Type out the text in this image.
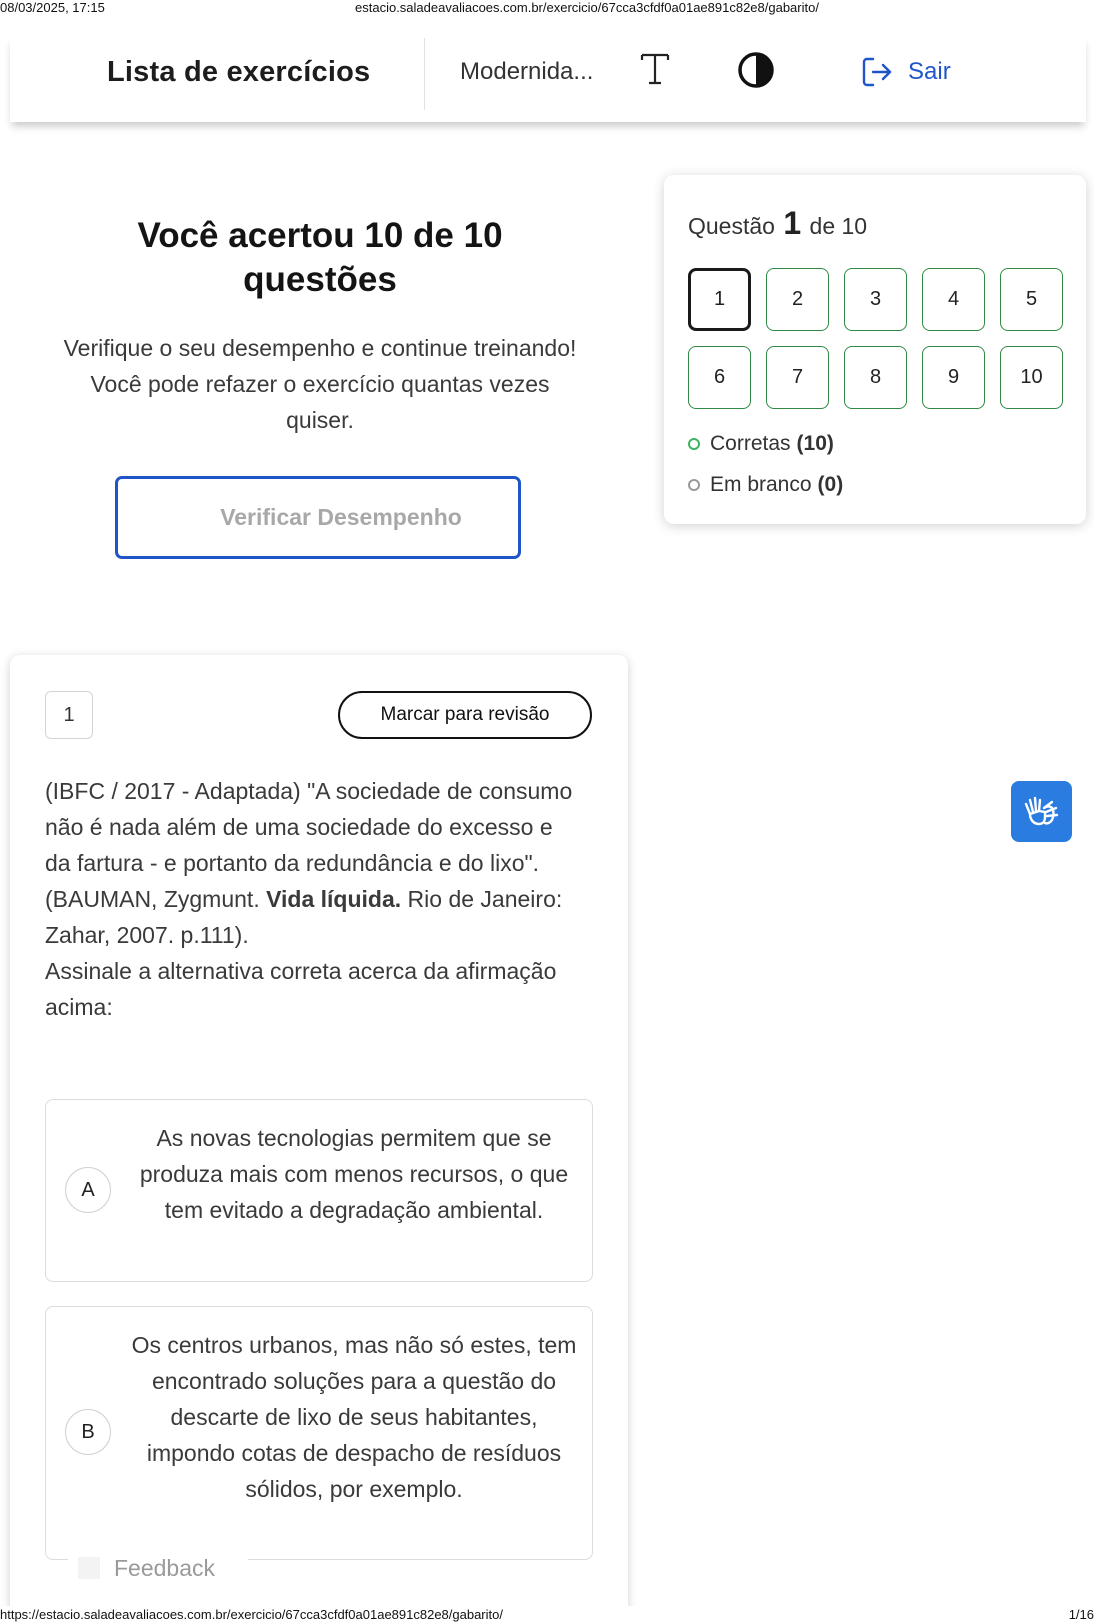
08/03/2025, 17:15	estacio.saladeavaliacoes.com.br/exercicio/67cca3cfdf0a01ae891c82e8/gabarito/
Lista de exercícios	Modernida...	Sair
Você acertou 10 de 10 questões

Verifique o seu desempenho e continue treinando! Você pode refazer o exercício quantas vezes quiser.

Verificar Desempenho
Questão 1 de 10
1	2	3	4	5
6	7	8	9	10
Corretas (10)
Em branco (0)
1	Marcar para revisão
(IBFC / 2017 - Adaptada) "A sociedade de consumo não é nada além de uma sociedade do excesso e da fartura - e portanto da redundância e do lixo". (BAUMAN, Zygmunt. Vida líquida. Rio de Janeiro: Zahar, 2007. p.111).
Assinale a alternativa correta acerca da afirmação acima:
A
As novas tecnologias permitem que se produza mais com menos recursos, o que tem evitado a degradação ambiental.
B
Os centros urbanos, mas não só estes, tem encontrado soluções para a questão do descarte de lixo de seus habitantes, impondo cotas de despacho de resíduos sólidos, por exemplo.
Feedback
https://estacio.saladeavaliacoes.com.br/exercicio/67cca3cfdf0a01ae891c82e8/gabarito/	1/16
